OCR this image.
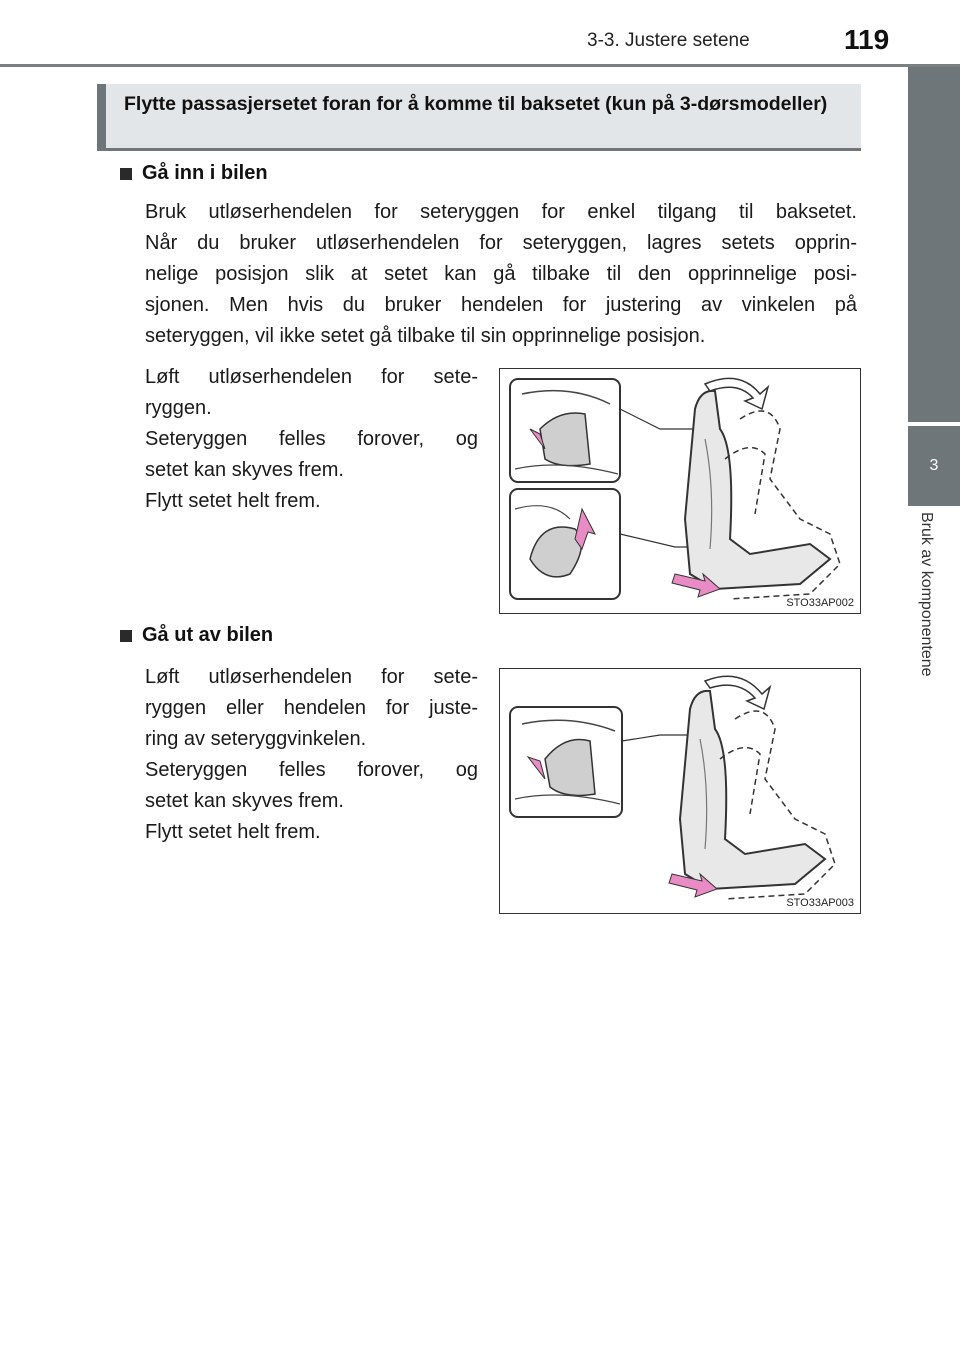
3-3. Justere setene	119
3
Bruk av komponentene
Flytte passasjersetet foran for å komme til baksetet (kun på 3-dørsmodeller)
Gå inn i bilen
Bruk utløserhendelen for seteryggen for enkel tilgang til baksetet.
Når du bruker utløserhendelen for seteryggen, lagres setets opprin-
nelige posisjon slik at setet kan gå tilbake til den opprinnelige posi-
sjonen. Men hvis du bruker hendelen for justering av vinkelen på
seteryggen, vil ikke setet gå tilbake til sin opprinnelige posisjon.
Løft utløserhendelen for sete-
ryggen.
Seteryggen felles forover, og
setet kan skyves frem.
Flytt setet helt frem.
STO33AP002
Gå ut av bilen
Løft utløserhendelen for sete-
ryggen eller hendelen for juste-
ring av seteryggvinkelen.
Seteryggen felles forover, og
setet kan skyves frem.
Flytt setet helt frem.
STO33AP003
